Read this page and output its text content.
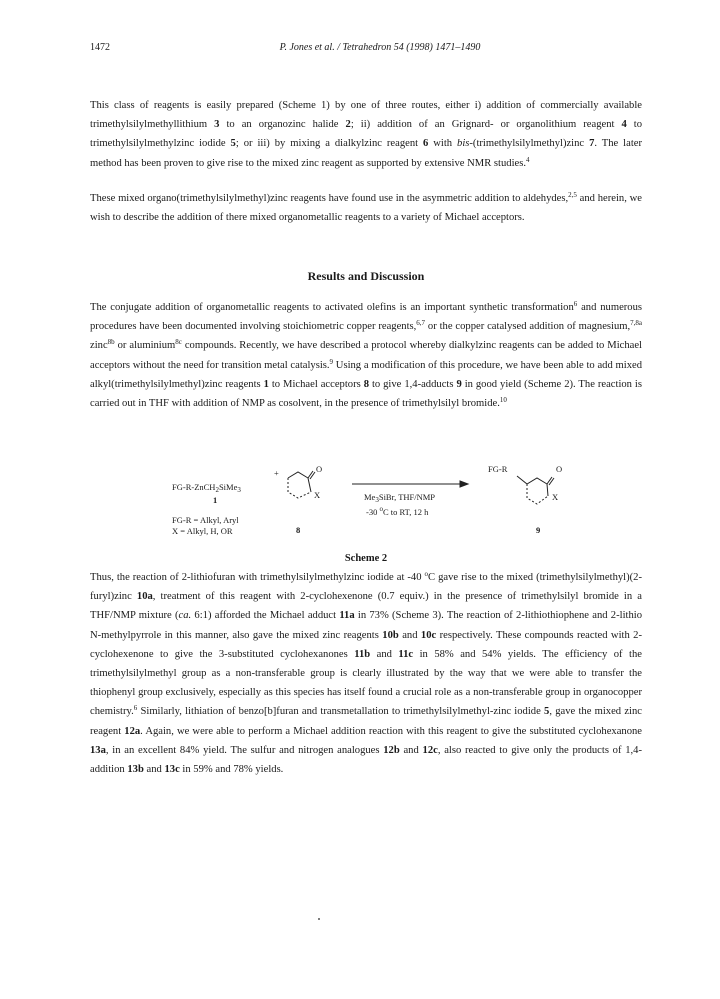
1472	P. Jones et al. / Tetrahedron 54 (1998) 1471–1490
This class of reagents is easily prepared (Scheme 1) by one of three routes, either i) addition of commercially available trimethylsilylmethyllithium 3 to an organozinc halide 2; ii) addition of an Grignard- or organolithium reagent 4 to trimethylsilylmethylzinc iodide 5; or iii) by mixing a dialkylzinc reagent 6 with bis-(trimethylsilylmethyl)zinc 7. The later method has been proven to give rise to the mixed zinc reagent as supported by extensive NMR studies.$^4$
These mixed organo(trimethylsilylmethyl)zinc reagents have found use in the asymmetric addition to aldehydes,$^{2,5}$ and herein, we wish to describe the addition of there mixed organometallic reagents to a variety of Michael acceptors.
Results and Discussion
The conjugate addition of organometallic reagents to activated olefins is an important synthetic transformation$^6$ and numerous procedures have been documented involving stoichiometric copper reagents,$^{6,7}$ or the copper catalysed addition of magnesium,$^{7,8a}$ zinc$^{8b}$ or aluminium$^{8c}$ compounds. Recently, we have described a protocol whereby dialkylzinc reagents can be added to Michael acceptors without the need for transition metal catalysis.$^9$ Using a modification of this procedure, we have been able to add mixed alkyl(trimethylsilylmethyl)zinc reagents 1 to Michael acceptors 8 to give 1,4-adducts 9 in good yield (Scheme 2). The reaction is carried out in THF with addition of NMP as cosolvent, in the presence of trimethylsilyl bromide.$^{10}$
FG-R-ZnCH$_2$SiMe$_3$
1
+	O
X
8
FG-R = Alkyl, Aryl
X = Alkyl, H, OR
$Me_3SiBr$, THF/NMP
-30 $^o$C to RT, 12 h
FG-R	O
X
9
Scheme 2
Thus, the reaction of 2-lithiofuran with trimethylsilylmethylzinc iodide at -40 $^o$C gave rise to the mixed (trimethylsilylmethyl)(2-furyl)zinc 10a, treatment of this reagent with 2-cyclohexenone (0.7 equiv.) in the presence of trimethylsilyl bromide in a THF/NMP mixture (ca. 6:1) afforded the Michael adduct 11a in 73% (Scheme 3). The reaction of 2-lithiothiophene and 2-lithio N-methylpyrrole in this manner, also gave the mixed zinc reagents 10b and 10c respectively. These compounds reacted with 2-cyclohexenone to give the 3-substituted cyclohexanones 11b and 11c in 58% and 54% yields. The efficiency of the trimethylsilylmethyl group as a non-transferable group is clearly illustrated by the way that we were able to transfer the thiophenyl group exclusively, especially as this species has itself found a crucial role as a non-transferable group in organocopper chemistry.$^6$ Similarly, lithiation of benzo[b]furan and transmetallation to trimethylsilylmethyl-zinc iodide 5, gave the mixed zinc reagent 12a. Again, we were able to perform a Michael addition reaction with this reagent to give the substituted cyclohexanone 13a, in an excellent 84% yield. The sulfur and nitrogen analogues 12b and 12c, also reacted to give only the products of 1,4-addition 13b and 13c in 59% and 78% yields.
